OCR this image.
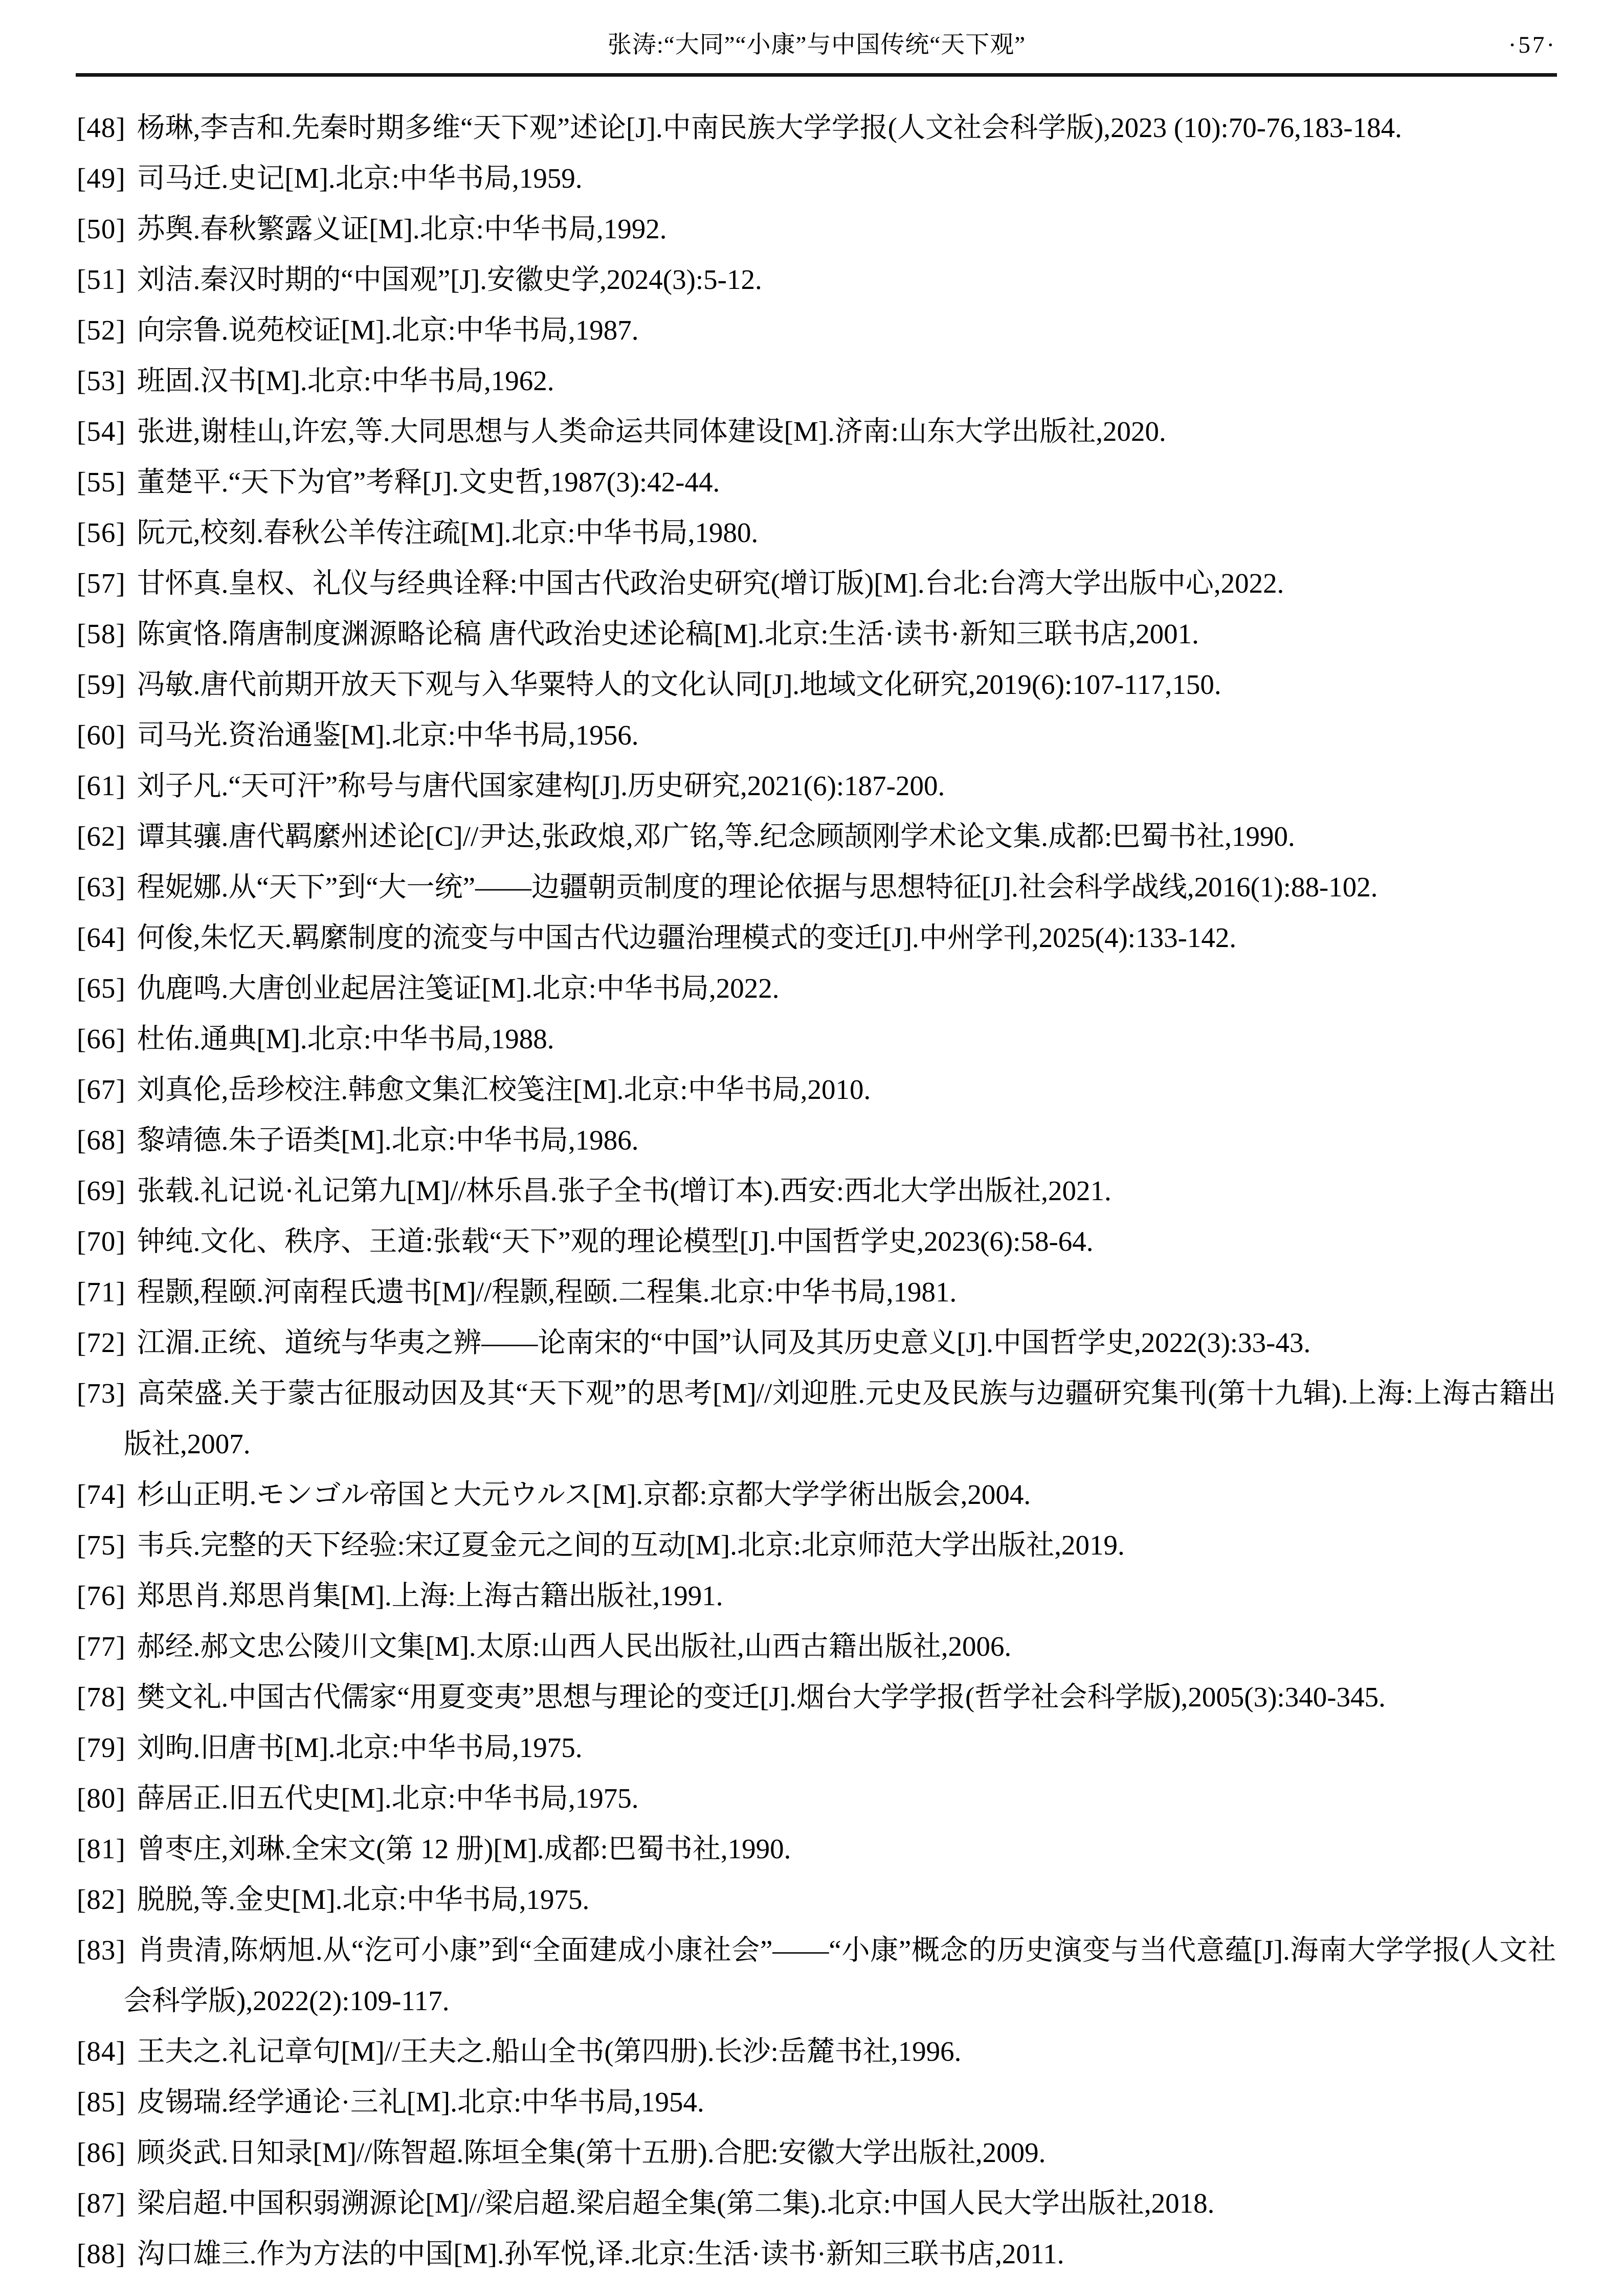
张涛:“大同”“小康”与中国传统“天下观”	·57·
[48] 杨琳,李吉和.先秦时期多维“天下观”述论[J].中南民族大学学报(人文社会科学版),2023 (10):70-76,183-184.
[49] 司马迁.史记[M].北京:中华书局,1959.
[50] 苏舆.春秋繁露义证[M].北京:中华书局,1992.
[51] 刘洁.秦汉时期的“中国观”[J].安徽史学,2024(3):5-12.
[52] 向宗鲁.说苑校证[M].北京:中华书局,1987.
[53] 班固.汉书[M].北京:中华书局,1962.
[54] 张进,谢桂山,许宏,等.大同思想与人类命运共同体建设[M].济南:山东大学出版社,2020.
[55] 董楚平.“天下为官”考释[J].文史哲,1987(3):42-44.
[56] 阮元,校刻.春秋公羊传注疏[M].北京:中华书局,1980.
[57] 甘怀真.皇权、礼仪与经典诠释:中国古代政治史研究(增订版)[M].台北:台湾大学出版中心,2022.
[58] 陈寅恪.隋唐制度渊源略论稿 唐代政治史述论稿[M].北京:生活·读书·新知三联书店,2001.
[59] 冯敏.唐代前期开放天下观与入华粟特人的文化认同[J].地域文化研究,2019(6):107-117,150.
[60] 司马光.资治通鉴[M].北京:中华书局,1956.
[61] 刘子凡.“天可汗”称号与唐代国家建构[J].历史研究,2021(6):187-200.
[62] 谭其骧.唐代羁縻州述论[C]//尹达,张政烺,邓广铭,等.纪念顾颉刚学术论文集.成都:巴蜀书社,1990.
[63] 程妮娜.从“天下”到“大一统”——边疆朝贡制度的理论依据与思想特征[J].社会科学战线,2016(1):88-102.
[64] 何俊,朱忆天.羁縻制度的流变与中国古代边疆治理模式的变迁[J].中州学刊,2025(4):133-142.
[65] 仇鹿鸣.大唐创业起居注笺证[M].北京:中华书局,2022.
[66] 杜佑.通典[M].北京:中华书局,1988.
[67] 刘真伦,岳珍校注.韩愈文集汇校笺注[M].北京:中华书局,2010.
[68] 黎靖德.朱子语类[M].北京:中华书局,1986.
[69] 张载.礼记说·礼记第九[M]//林乐昌.张子全书(增订本).西安:西北大学出版社,2021.
[70] 钟纯.文化、秩序、王道:张载“天下”观的理论模型[J].中国哲学史,2023(6):58-64.
[71] 程颢,程颐.河南程氏遗书[M]//程颢,程颐.二程集.北京:中华书局,1981.
[72] 江湄.正统、道统与华夷之辨——论南宋的“中国”认同及其历史意义[J].中国哲学史,2022(3):33-43.
[73] 高荣盛.关于蒙古征服动因及其“天下观”的思考[M]//刘迎胜.元史及民族与边疆研究集刊(第十九辑).上海:上海古籍出版社,2007.
[74] 杉山正明.モンゴル帝国と大元ウルス[M].京都:京都大学学術出版会,2004.
[75] 韦兵.完整的天下经验:宋辽夏金元之间的互动[M].北京:北京师范大学出版社,2019.
[76] 郑思肖.郑思肖集[M].上海:上海古籍出版社,1991.
[77] 郝经.郝文忠公陵川文集[M].太原:山西人民出版社,山西古籍出版社,2006.
[78] 樊文礼.中国古代儒家“用夏变夷”思想与理论的变迁[J].烟台大学学报(哲学社会科学版),2005(3):340-345.
[79] 刘昫.旧唐书[M].北京:中华书局,1975.
[80] 薛居正.旧五代史[M].北京:中华书局,1975.
[81] 曾枣庄,刘琳.全宋文(第 12 册)[M].成都:巴蜀书社,1990.
[82] 脱脱,等.金史[M].北京:中华书局,1975.
[83] 肖贵清,陈炳旭.从“汔可小康”到“全面建成小康社会”——“小康”概念的历史演变与当代意蕴[J].海南大学学报(人文社会科学版),2022(2):109-117.
[84] 王夫之.礼记章句[M]//王夫之.船山全书(第四册).长沙:岳麓书社,1996.
[85] 皮锡瑞.经学通论·三礼[M].北京:中华书局,1954.
[86] 顾炎武.日知录[M]//陈智超.陈垣全集(第十五册).合肥:安徽大学出版社,2009.
[87] 梁启超.中国积弱溯源论[M]//梁启超.梁启超全集(第二集).北京:中国人民大学出版社,2018.
[88] 沟口雄三.作为方法的中国[M].孙军悦,译.北京:生活·读书·新知三联书店,2011.
